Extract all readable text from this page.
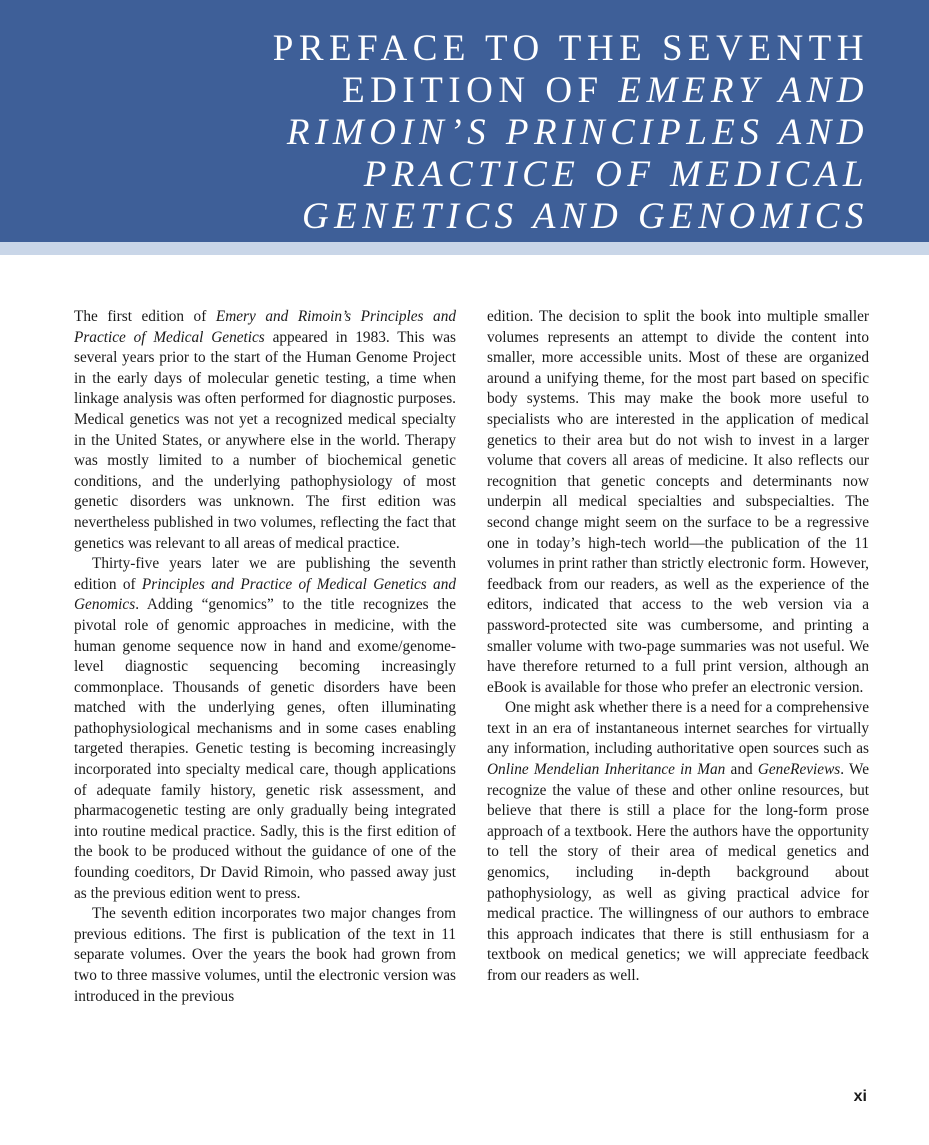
PREFACE TO THE SEVENTH
EDITION OF EMERY AND
RIMOIN’S PRINCIPLES AND
PRACTICE OF MEDICAL
GENETICS AND GENOMICS

The first edition of Emery and Rimoin’s Principles and Practice of Medical Genetics appeared in 1983. This was several years prior to the start of the Human Genome Project in the early days of molecular genetic testing, a time when linkage analysis was often performed for diagnostic purposes. Medical genetics was not yet a recognized medical specialty in the United States, or anywhere else in the world. Therapy was mostly limited to a number of biochemical genetic conditions, and the underlying pathophysiology of most genetic disorders was unknown. The first edition was nevertheless published in two volumes, reflecting the fact that genetics was relevant to all areas of medical practice.

Thirty-five years later we are publishing the seventh edition of Principles and Practice of Medical Genetics and Genomics. Adding “genomics” to the title recognizes the pivotal role of genomic approaches in medicine, with the human genome sequence now in hand and exome/genome-level diagnostic sequencing becoming increasingly commonplace. Thousands of genetic disorders have been matched with the underlying genes, often illuminating pathophysiological mechanisms and in some cases enabling targeted therapies. Genetic testing is becoming increasingly incorporated into specialty medical care, though applications of adequate family history, genetic risk assessment, and pharmacogenetic testing are only gradually being integrated into routine medical practice. Sadly, this is the first edition of the book to be produced without the guidance of one of the founding coeditors, Dr David Rimoin, who passed away just as the previous edition went to press.

The seventh edition incorporates two major changes from previous editions. The first is publication of the text in 11 separate volumes. Over the years the book had grown from two to three massive volumes, until the electronic version was introduced in the previous

edition. The decision to split the book into multiple smaller volumes represents an attempt to divide the content into smaller, more accessible units. Most of these are organized around a unifying theme, for the most part based on specific body systems. This may make the book more useful to specialists who are interested in the application of medical genetics to their area but do not wish to invest in a larger volume that covers all areas of medicine. It also reflects our recognition that genetic concepts and determinants now underpin all medical specialties and subspecialties. The second change might seem on the surface to be a regressive one in today’s high-tech world—the publication of the 11 volumes in print rather than strictly electronic form. However, feedback from our readers, as well as the experience of the editors, indicated that access to the web version via a password-protected site was cumbersome, and printing a smaller volume with two-page summaries was not useful. We have therefore returned to a full print version, although an eBook is available for those who prefer an electronic version.

One might ask whether there is a need for a comprehensive text in an era of instantaneous internet searches for virtually any information, including authoritative open sources such as Online Mendelian Inheritance in Man and GeneReviews. We recognize the value of these and other online resources, but believe that there is still a place for the long-form prose approach of a textbook. Here the authors have the opportunity to tell the story of their area of medical genetics and genomics, including in-depth background about pathophysiology, as well as giving practical advice for medical practice. The willingness of our authors to embrace this approach indicates that there is still enthusiasm for a textbook on medical genetics; we will appreciate feedback from our readers as well.

xi
